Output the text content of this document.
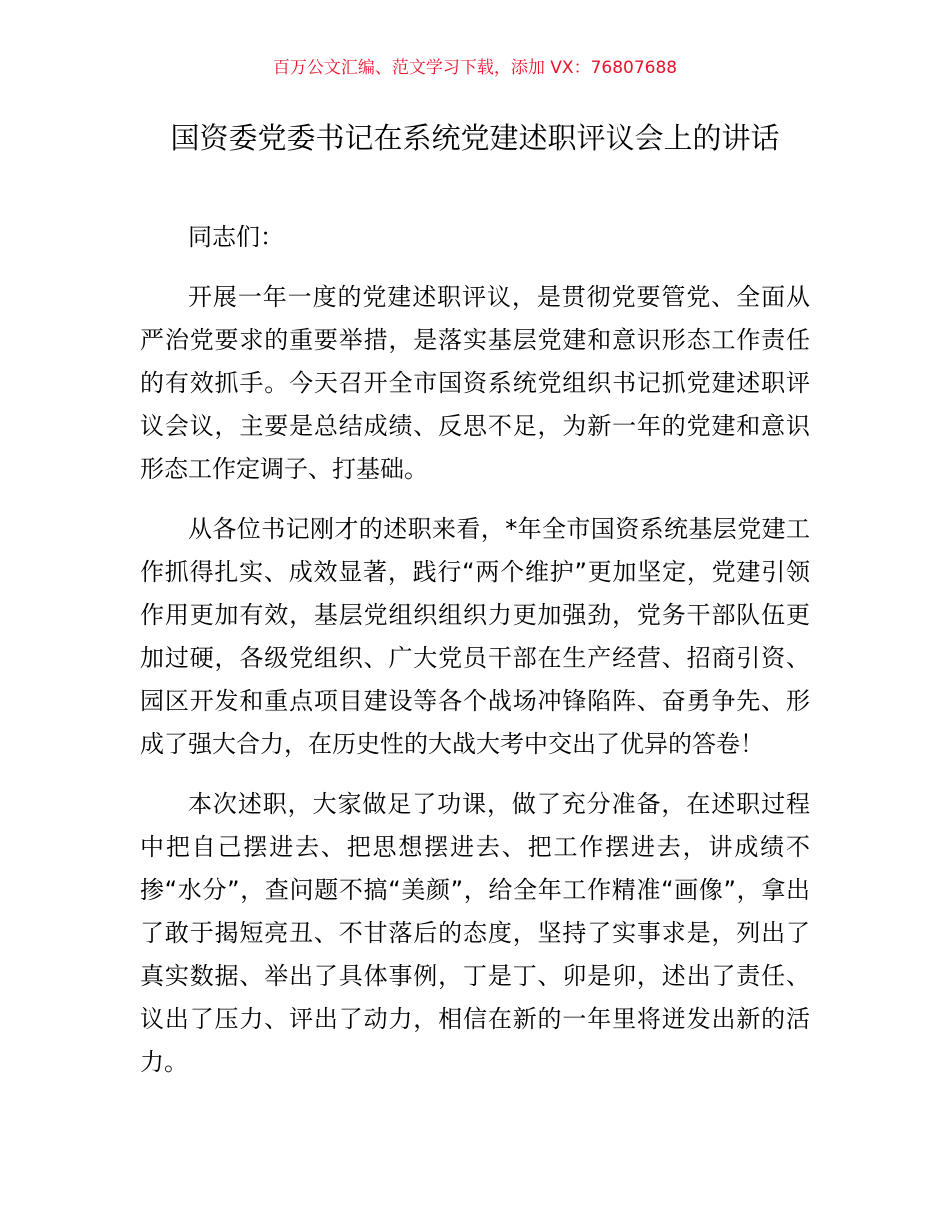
百万公文汇编、范文学习下载，添加 VX：76807688
国资委党委书记在系统党建述职评议会上的讲话

同志们：

开展一年一度的党建述职评议，是贯彻党要管党、全面从严治党要求的重要举措，是落实基层党建和意识形态工作责任的有效抓手。今天召开全市国资系统党组织书记抓党建述职评议会议，主要是总结成绩、反思不足，为新一年的党建和意识形态工作定调子、打基础。

从各位书记刚才的述职来看，*年全市国资系统基层党建工作抓得扎实、成效显著，践行“两个维护”更加坚定，党建引领作用更加有效，基层党组织组织力更加强劲，党务干部队伍更加过硬，各级党组织、广大党员干部在生产经营、招商引资、园区开发和重点项目建设等各个战场冲锋陷阵、奋勇争先、形成了强大合力，在历史性的大战大考中交出了优异的答卷！

本次述职，大家做足了功课，做了充分准备，在述职过程中把自己摆进去、把思想摆进去、把工作摆进去，讲成绩不掺“水分”，查问题不搞“美颜”，给全年工作精准“画像”，拿出了敢于揭短亮丑、不甘落后的态度，坚持了实事求是，列出了真实数据、举出了具体事例，丁是丁、卯是卯，述出了责任、议出了压力、评出了动力，相信在新的一年里将迸发出新的活力。
